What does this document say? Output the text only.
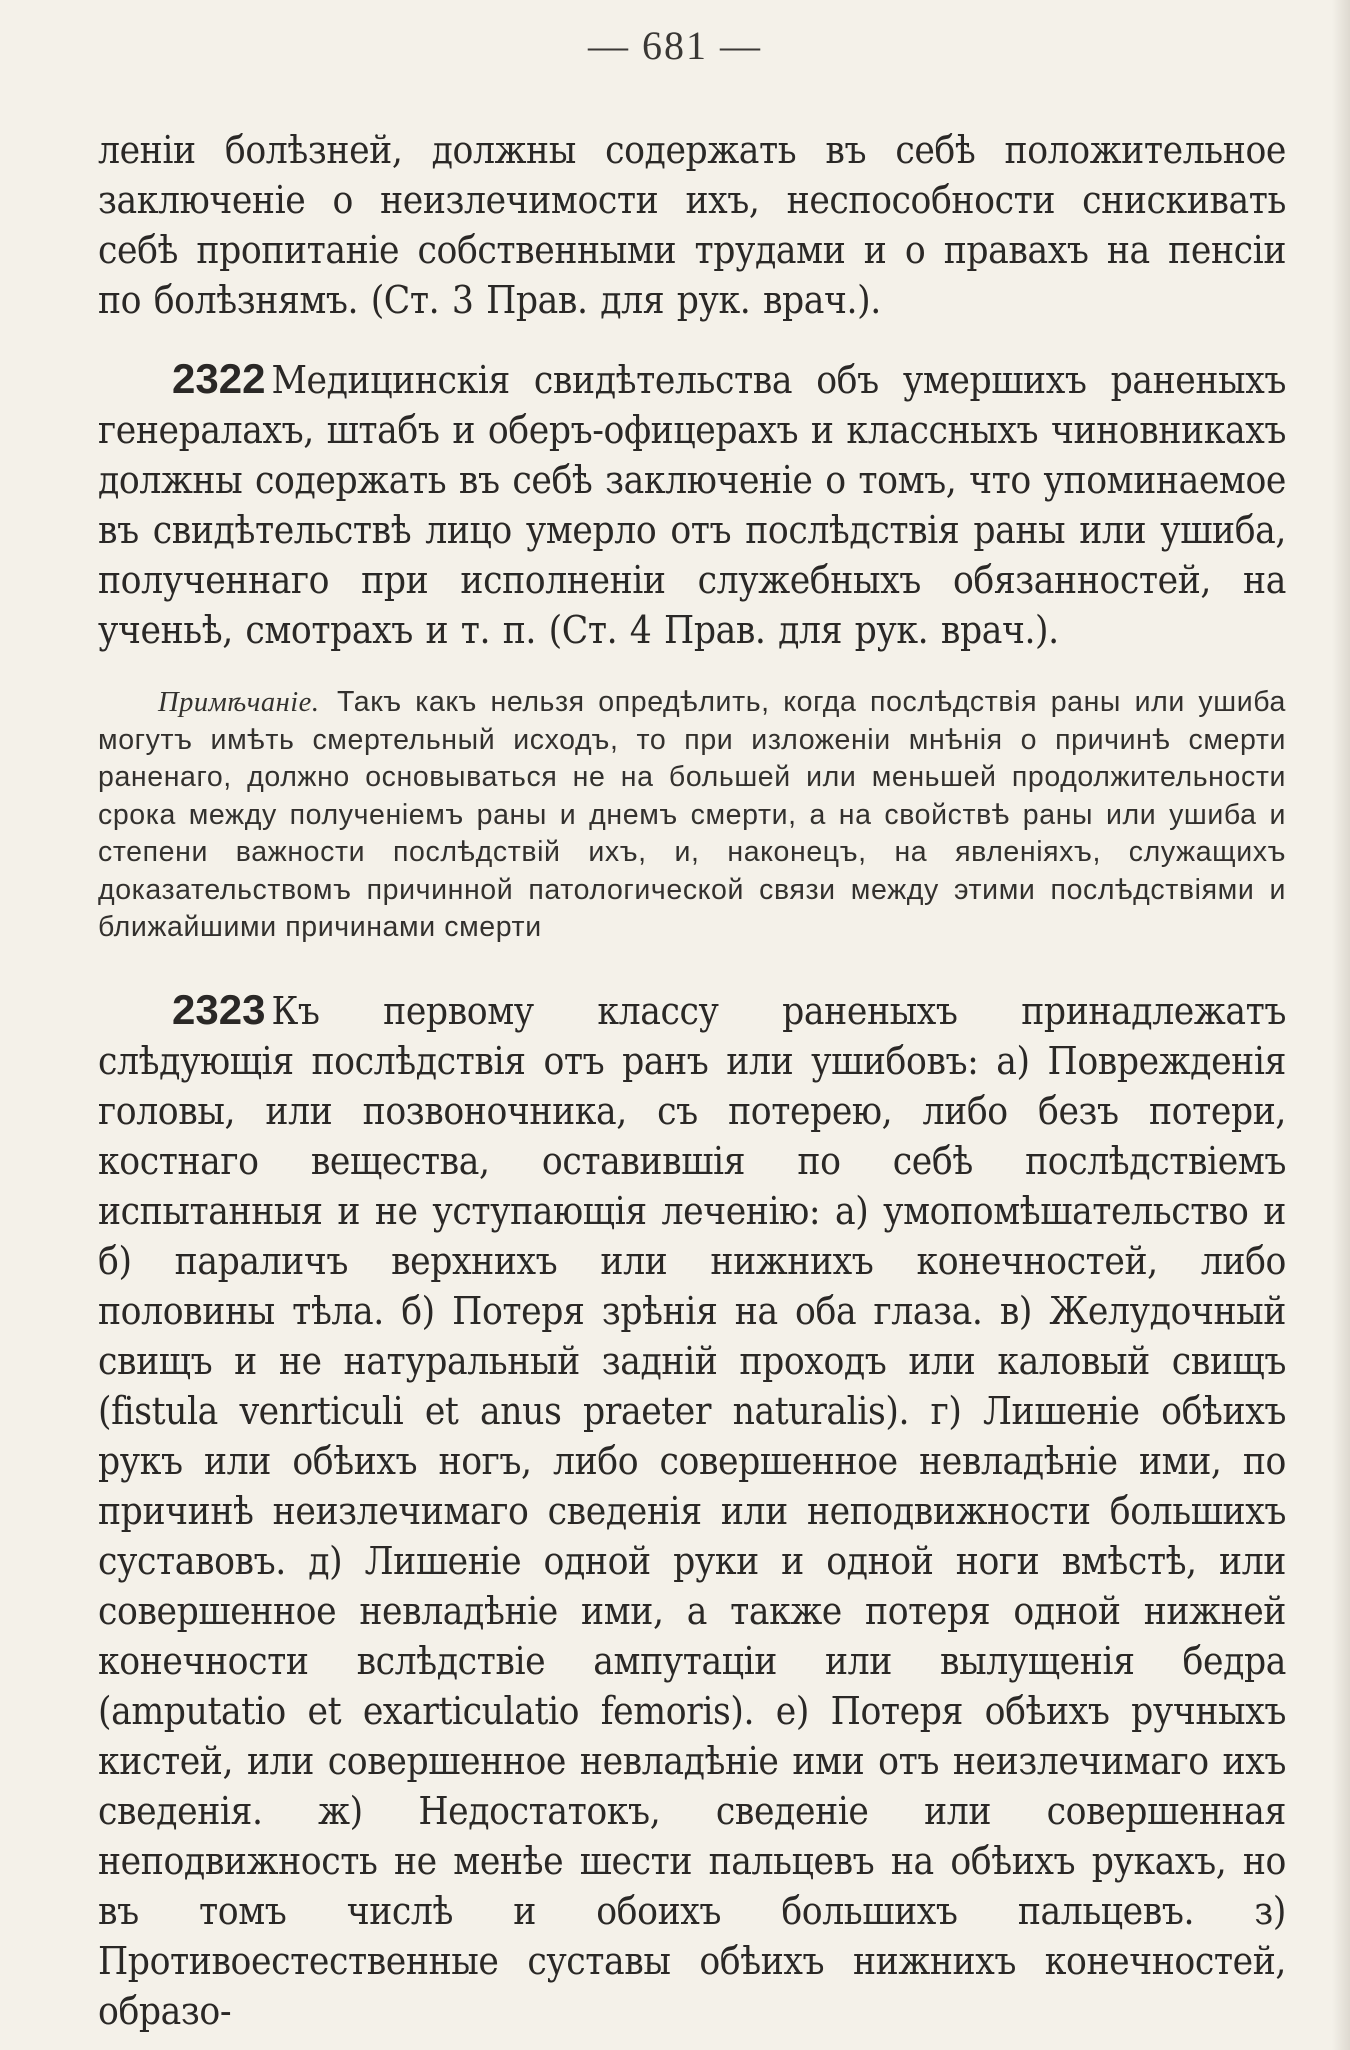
— 681 —

леніи болѣзней, должны содержать въ себѣ положительное заключеніе о неизлечимости ихъ, неспособности снискивать себѣ пропитаніе собственными трудами и о правахъ на пенсіи по болѣзнямъ. (Ст. 3 Прав. для рук. врач.).

2322 Медицинскія свидѣтельства объ умершихъ раненыхъ генералахъ, штабъ и оберъ-офицерахъ и классныхъ чиновникахъ должны содержать въ себѣ заключеніе о томъ, что упоминаемое въ свидѣтельствѣ лицо умерло отъ послѣдствія раны или ушиба, полученнаго при исполненіи служебныхъ обязанностей, на ученьѣ, смотрахъ и т. п. (Ст. 4 Прав. для рук. врач.).

Примѣчаніе. Такъ какъ нельзя опредѣлить, когда послѣдствія раны или ушиба могутъ имѣть смертельный исходъ, то при изложеніи мнѣнія о причинѣ смерти раненаго, должно основываться не на большей или меньшей продолжительности срока между полученіемъ раны и днемъ смерти, а на свойствѣ раны или ушиба и степени важности послѣдствій ихъ, и, наконецъ, на явленіяхъ, служащихъ доказательствомъ причинной патологической связи между этими послѣдствіями и ближайшими причинами смерти

2323 Къ первому классу раненыхъ принадлежатъ слѣдующія послѣдствія отъ ранъ или ушибовъ: а) Поврежденія головы, или позвоночника, съ потерею, либо безъ потери, костнаго вещества, оставившія по себѣ послѣдствіемъ испытанныя и не уступающія леченію: а) умопомѣшательство и б) параличъ верхнихъ или нижнихъ конечностей, либо половины тѣла. б) Потеря зрѣнія на оба глаза. в) Желудочный свищъ и не натуральный задній проходъ или каловый свищъ (fistula venrticuli et anus praeter naturalis). г) Лишеніе обѣихъ рукъ или обѣихъ ногъ, либо совершенное невладѣніе ими, по причинѣ неизлечимаго сведенія или неподвижности большихъ суставовъ. д) Лишеніе одной руки и одной ноги вмѣстѣ, или совершенное невладѣніе ими, а также потеря одной нижней конечности вслѣдствіе ампутаціи или вылущенія бедра (amputatio et exarticulatio femoris). е) Потеря обѣихъ ручныхъ кистей, или совершенное невладѣніе ими отъ неизлечимаго ихъ сведенія. ж) Недостатокъ, сведеніе или совершенная неподвижность не менѣе шести пальцевъ на обѣихъ рукахъ, но въ томъ числѣ и обоихъ большихъ пальцевъ. з) Противоестественные суставы обѣихъ нижнихъ конечностей, образо-
